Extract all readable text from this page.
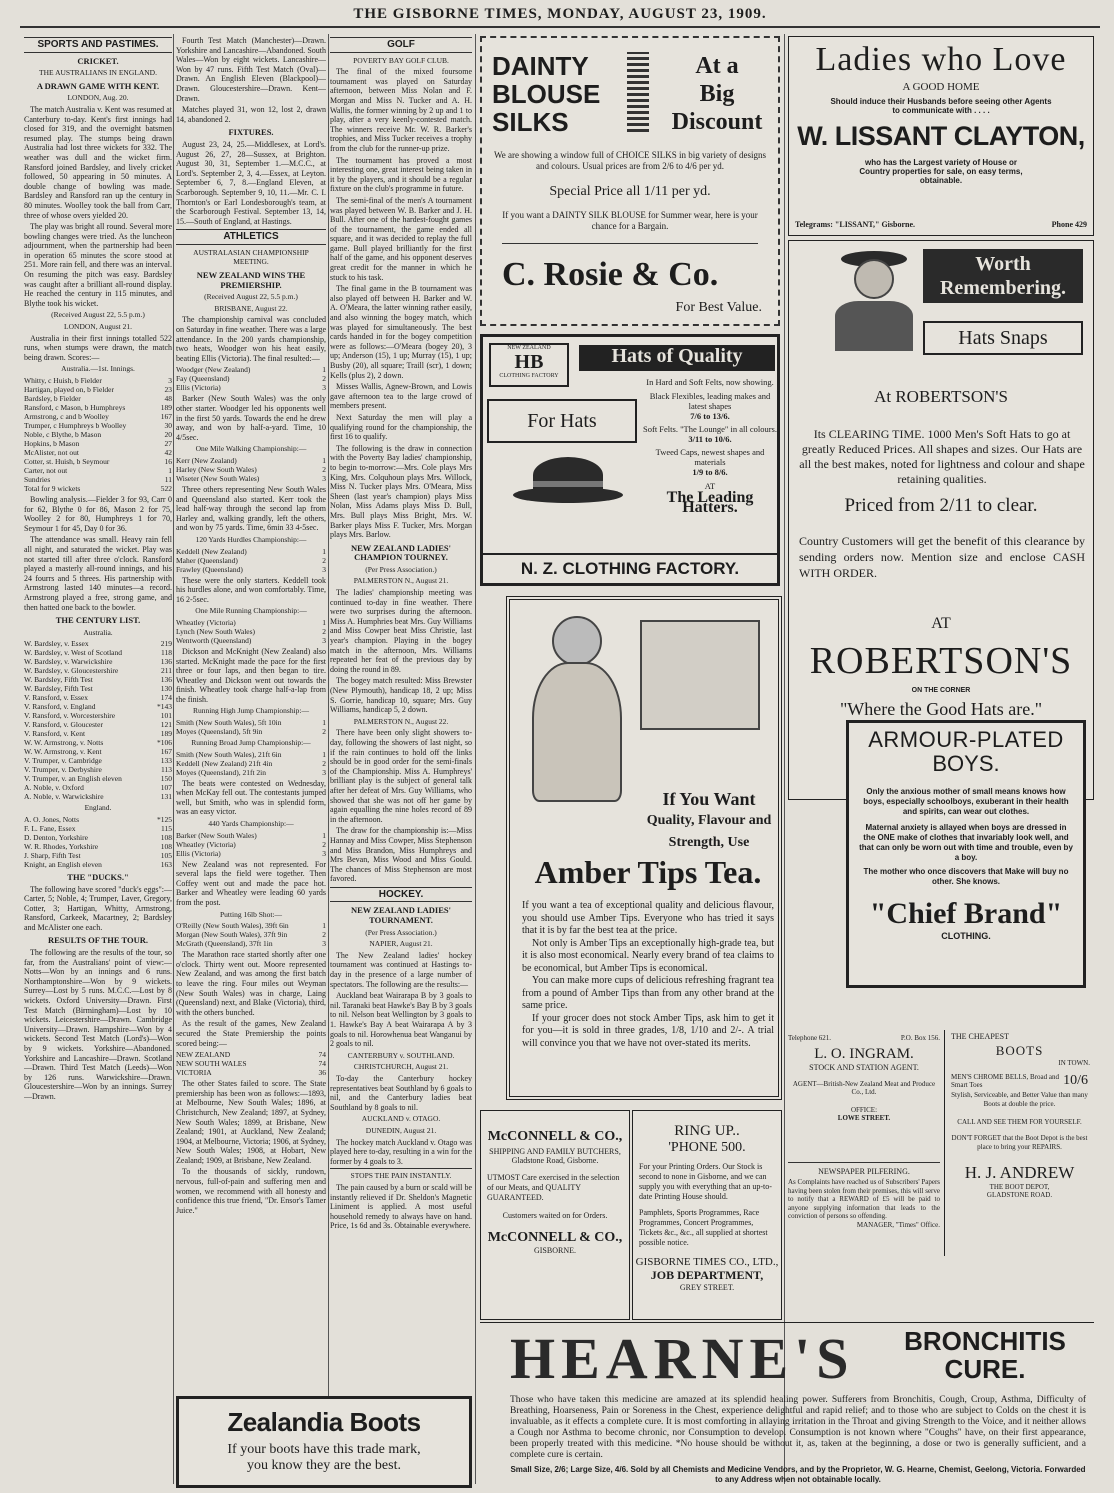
THE GISBORNE TIMES, MONDAY, AUGUST 23, 1909.
SPORTS AND PASTIMES.
CRICKET.
THE AUSTRALIANS IN ENGLAND.
A DRAWN GAME WITH KENT.
LONDON, Aug. 20.

The match Australia v. Kent was resumed at Canterbury to-day. Kent's first innings had closed for 319, and the overnight batsmen resumed play. The stumps being drawn Australia had lost three wickets for 332. The weather was dull and the wicket firm. Ransford joined Bardsley, and lively cricket followed, 50 appearing in 50 minutes. A double change of bowling was made. Bardsley and Ransford ran up the century in 80 minutes. Woolley took the ball from Carr, three of whose overs yielded 20.

The play was bright all round. Several more bowling changes were tried. As the luncheon adjournment, when the partnership had been in operation 65 minutes the score stood at 251. More rain fell, and there was an interval. On resuming the pitch was easy. Bardsley was caught after a brilliant all-round display. He reached the century in 115 minutes, and Blythe took his wicket.

(Received August 22, 5.5 p.m.)
LONDON, August 21.

Australia in their first innings totalled 522 runs, when stumps were drawn, the match being drawn. Scores:—

Australia.—1st. Innings.
Whitty, c Huish, b Fielder	3
Hartigan, played on, b Fielder	23
Bardsley, b Fielder	48
Ransford, c Mason, b Humphreys	189
Armstrong, c and b Woolley	167
Trumper, c Humphreys b Woolley	30
Noble, c Blythe, b Mason	20
Hopkins, b Mason	27
McAlister, not out	42
Cotter, st. Huish, b Seymour	16
Carter, not out	1
Sundries	11
Total for 9 wickets	522

Bowling analysis.—Fielder 3 for 93, Carr 0 for 62, Blythe 0 for 86, Mason 2 for 75, Woolley 2 for 80, Humphreys 1 for 70, Seymour 1 for 45, Day 0 for 36.

The attendance was small. Heavy rain fell all night, and saturated the wicket. Play was not started till after three o'clock. Ransford played a masterly all-round innings, and his 24 fourrs and 5 threes. His partnership with Armstrong lasted 140 minutes—a record. Armstrong played a free, strong game, and then hatted one back to the bowler.

THE CENTURY LIST.
Australia.
W. Bardsley, v. Essex	219
W. Bardsley, v. West of Scotland	118
W. Bardsley, v. Warwickshire	136
W. Bardsley, v. Gloucestershire	211
W. Bardsley, Fifth Test	136
W. Bardsley, Fifth Test	130
V. Ransford, v. Essex	174
V. Ransford, v. England	*143
V. Ransford, v. Worcestershire	101
V. Ransford, v. Gloucester	121
V. Ransford, v. Kent	189
W. W. Armstrong, v. Notts	*106
W. W. Armstrong, v. Kent	167
V. Trumper, v. Cambridge	133
V. Trumper, v. Derbyshire	113
V. Trumper, v. an English eleven	150
A. Noble, v. Oxford	107
A. Noble, v. Warwickshire	131
England.
A. O. Jones, Notts	*125
F. L. Fane, Essex	115
D. Denton, Yorkshire	108
W. R. Rhodes, Yorkshire	108
J. Sharp, Fifth Test	105
Knight, an English eleven	163
THE "DUCKS."

The following have scored "duck's eggs":—Carter, 5; Noble, 4; Trumper, Laver, Gregory, Cotter, 3; Hartigan, Whitty, Armstrong, Ransford, Carkeek, Macartney, 2; Bardsley and McAlister one each.

RESULTS OF THE TOUR.

The following are the results of the tour, so far, from the Australians' point of view:— Notts—Won by an innings and 6 runs. Northamptonshire—Won by 9 wickets. Surrey—Lost by 5 runs. M.C.C.—Lost by 8 wickets. Oxford University—Drawn. First Test Match (Birmingham)—Lost by 10 wickets. Leicestershire—Drawn. Cambridge University—Drawn. Hampshire—Won by 4 wickets. Second Test Match (Lord's)—Won by 9 wickets. Yorkshire—Abandoned. Yorkshire and Lancashire—Drawn. Scotland—Drawn. Third Test Match (Leeds)—Won by 126 runs. Warwickshire—Drawn. Gloucestershire—Won by an innings. Surrey—Drawn.

Fourth Test Match (Manchester)—Drawn. Yorkshire and Lancashire—Abandoned. South Wales—Won by eight wickets. Lancashire—Won by 47 runs. Fifth Test Match (Oval)—Drawn. An English Eleven (Blackpool)—Drawn. Gloucestershire—Drawn. Kent—Drawn.

Matches played 31, won 12, lost 2, drawn 14, abandoned 2.

FIXTURES.

August 23, 24, 25.—Middlesex, at Lord's. August 26, 27, 28—Sussex, at Brighton. August 30, 31, September 1.—M.C.C., at Lord's. September 2, 3, 4.—Essex, at Leyton. September 6, 7, 8.—England Eleven, at Scarborough. September 9, 10, 11.—Mr. C. I. Thornton's or Earl Londesborough's team, at the Scarborough Festival. September 13, 14, 15.—South of England, at Hastings.

ATHLETICS
AUSTRALASIAN CHAMPIONSHIP MEETING.
NEW ZEALAND WINS THE PREMIERSHIP.
(Received August 22, 5.5 p.m.)
BRISBANE, August 22.

The championship carnival was concluded on Saturday in fine weather. There was a large attendance. In the 200 yards championship, two heats, Woodger won his heat easily, beating Ellis (Victoria). The final resulted:—

Woodger (New Zealand)	1
Fay (Queensland)	2
Ellis (Victoria)	3

Barker (New South Wales) was the only other starter. Woodger led his opponents well in the first 50 yards. Towards the end he drew away, and won by half-a-yard. Time, 10 4/5sec.

One Mile Walking Championship:—
Kerr (New Zealand)	1
Harley (New South Wales)	2
Wiseter (New South Wales)	3

Three others representing New South Wales and Queensland also started. Kerr took the lead half-way through the second lap from Harley and, walking grandly, left the others, and won by 75 yards. Time, 6min 33 4-5sec.

120 Yards Hurdles Championship:—
Keddell (New Zealand)	1
Maher (Queensland)	2
Frawley (Queensland)	3

These were the only starters. Keddell took his hurdles alone, and won comfortably. Time, 16 2-5sec.

One Mile Running Championship:—
Wheatley (Victoria)	1
Lynch (New South Wales)	2
Wentworth (Queensland)	3

Dickson and McKnight (New Zealand) also started. McKnight made the pace for the first three or four laps, and then began to tire. Wheatley and Dickson went out towards the finish. Wheatley took charge half-a-lap from the finish.

Running High Jump Championship:—
Smith (New South Wales), 5ft 10in	1
Moyes (Queensland), 5ft 9in	2
Running Broad Jump Championship:—
Smith (New South Wales), 21ft 6in	1
Keddell (New Zealand) 21ft 4in	2
Moyes (Queensland), 21ft 2in	3

The beats were contested on Wednesday, when McKay fell out. The contestants jumped well, but Smith, who was in splendid form, was an easy victor.

440 Yards Championship:—
Barker (New South Wales)	1
Wheatley (Victoria)	2
Ellis (Victoria)	3

New Zealand was not represented. For several laps the field were together. Then Coffey went out and made the pace hot. Barker and Wheatley were leading 60 yards from the post.

Putting 16lb Shot:—
O'Reilly (New South Wales), 39ft 6in	1
Morgan (New South Wales), 37ft 9in	2
McGrath (Queensland), 37ft 1in	3

The Marathon race started shortly after one o'clock. Thirty went out. Moore represented New Zealand, and was among the first batch to leave the ring. Four miles out Weyman (New South Wales) was in charge, Laing (Queensland) next, and Blake (Victoria), third, with the others bunched.

As the result of the games, New Zealand secured the State Premiership the points scored being:—

NEW ZEALAND	74
NEW SOUTH WALES	74
VICTORIA	36

The other States failed to score. The State premiership has been won as follows:—1893, at Melbourne, New South Wales; 1896, at Christchurch, New Zealand; 1897, at Sydney, New South Wales; 1899, at Brisbane, New Zealand; 1901, at Auckland, New Zealand; 1904, at Melbourne, Victoria; 1906, at Sydney, New South Wales; 1908, at Hobart, New Zealand; 1909, at Brisbane, New Zealand.

To the thousands of sickly, rundown, nervous, full-of-pain and suffering men and women, we recommend with all honesty and confidence this true friend, "Dr. Ensor's Tamer Juice."

GOLF
POVERTY BAY GOLF CLUB.

The final of the mixed foursome tournament was played on Saturday afternoon, between Miss Nolan and F. Morgan and Miss N. Tucker and A. H. Wallis, the former winning by 2 up and 1 to play, after a very keenly-contested match. The winners receive Mr. W. R. Barker's trophies, and Miss Tucker receives a trophy from the club for the runner-up prize.

The tournament has proved a most interesting one, great interest being taken in it by the players, and it should be a regular fixture on the club's programme in future.

The semi-final of the men's A tournament was played between W. B. Barker and J. H. Bull. After one of the hardest-fought games of the tournament, the game ended all square, and it was decided to replay the full game. Bull played brilliantly for the first half of the game, and his opponent deserves great credit for the manner in which he stuck to his task.

The final game in the B tournament was also played off between H. Barker and W. A. O'Meara, the latter winning rather easily, and also winning the bogey match, which was played for simultaneously. The best cards handed in for the bogey competition were as follows:—O'Meara (bogey 20), 3 up; Anderson (15), 1 up; Murray (15), 1 up; Busby (20), all square; Traill (scr), 1 down; Kells (plus 2), 2 down.

Misses Wallis, Agnew-Brown, and Lowis gave afternoon tea to the large crowd of members present.

Next Saturday the men will play a qualifying round for the championship, the first 16 to qualify.

The following is the draw in connection with the Poverty Bay ladies' championship, to begin to-morrow:—Mrs. Cole plays Mrs King, Mrs. Colquhoun plays Mrs. Willock, Miss N. Tucker plays Mrs. O'Meara, Miss Sheen (last year's champion) plays Miss Nolan, Miss Adams plays Miss D. Bull, Mrs. Bull plays Miss Bright, Mrs. W. Barker plays Miss F. Tucker, Mrs. Morgan plays Mrs. Barlow.

NEW ZEALAND LADIES' CHAMPION TOURNEY.
(Per Press Association.)
PALMERSTON N., August 21.

The ladies' championship meeting was continued to-day in fine weather. There were two surprises during the afternoon. Miss A. Humphries beat Mrs. Guy Williams and Miss Cowper beat Miss Christie, last year's champion. Playing in the bogey match in the afternoon, Mrs. Williams repeated her feat of the previous day by doing the round in 89.

The bogey match resulted: Miss Brewster (New Plymouth), handicap 18, 2 up; Miss S. Gorrie, handicap 10, square; Mrs. Guy Williams, handicap 5, 2 down.

PALMERSTON N., August 22.

There have been only slight showers to-day, following the showers of last night, so if the rain continues to hold off the links should be in good order for the semi-finals of the Championship. Miss A. Humphreys' brilliant play is the subject of general talk after her defeat of Mrs. Guy Williams, who showed that she was not off her game by again equalling the nine holes record of 89 in the afternoon.

The draw for the championship is:—Miss Hannay and Miss Cowper, Miss Stephenson and Miss Brandon, Miss Humphreys and Mrs Bevan, Miss Wood and Miss Gould. The chances of Miss Stephenson are most favored.

HOCKEY.
NEW ZEALAND LADIES' TOURNAMENT.
(Per Press Association.)
NAPIER, August 21.

The New Zealand ladies' hockey tournament was continued at Hastings to-day in the presence of a large number of spectators. The following are the results:—

Auckland beat Wairarapa B by 3 goals to nil. Taranaki beat Hawke's Bay B by 3 goals to nil. Nelson beat Wellington by 3 goals to 1. Hawke's Bay A beat Wairarapa A by 3 goals to nil. Horowhenua beat Wanganui by 2 goals to nil.

CANTERBURY v. SOUTHLAND.
CHRISTCHURCH, August 21.

To-day the Canterbury hockey representatives beat Southland by 6 goals to nil, and the Canterbury ladies beat Southland by 8 goals to nil.

AUCKLAND v. OTAGO.
DUNEDIN, August 21.

The hockey match Auckland v. Otago was played here to-day, resulting in a win for the former by 4 goals to 3.

STOPS THE PAIN INSTANTLY.

The pain caused by a burn or scald will be instantly relieved if Dr. Sheldon's Magnetic Liniment is applied. A most useful household remedy to always have on hand. Price, 1s 6d and 3s. Obtainable everywhere.

Zealandia Boots
If your boots have this trade mark,
you know they are the best.
DAINTY
BLOUSE
SILKS
At a
Big
Discount
We are showing a window full of CHOICE SILKS in big variety of designs and colours. Usual prices are from 2/6 to 4/6 per yd.
Special Price all 1/11 per yd.
If you want a DAINTY SILK BLOUSE for Summer wear, here is your chance for a Bargain.
C. Rosie & Co.
For Best Value.
NEW ZEALAND
HB
CLOTHING FACTORY
Hats of Quality
For Hats
In Hard and Soft Felts, now showing.
Black Flexibles, leading makes and latest shapes
7/6 to 13/6.
Soft Felts. "The Lounge" in all colours.
3/11 to 10/6.
Tweed Caps, newest shapes and materials
1/9 to 8/6.
AT
The Leading Hatters.
N. Z. CLOTHING FACTORY.
If You Want
Quality, Flavour and
Strength, Use
Amber Tips Tea.

If you want a tea of exceptional quality and delicious flavour, you should use Amber Tips. Everyone who has tried it says that it is by far the best tea at the price.

Not only is Amber Tips an exceptionally high-grade tea, but it is also most economical. Nearly every brand of tea claims to be economical, but Amber Tips is economical.

You can make more cups of delicious refreshing fragrant tea from a pound of Amber Tips than from any other brand at the same price.

If your grocer does not stock Amber Tips, ask him to get it for you—it is sold in three grades, 1/8, 1/10 and 2/-. A trial will convince you that we have not over-stated its merits.

McCONNELL & CO.,
SHIPPING AND FAMILY BUTCHERS,
Gladstone Road, Gisborne.
UTMOST Care exercised in the selection of our Meats, and QUALITY GUARANTEED.
Customers waited on for Orders.
McCONNELL & CO.,
GISBORNE.
RING UP..
'PHONE 500.
For your Printing Orders. Our Stock is second to none in Gisborne, and we can supply you with everything that an up-to-date Printing House should.
Pamphlets, Sports Programmes, Race Programmes, Concert Programmes, Tickets &c., &c., all supplied at shortest possible notice.
GISBORNE TIMES CO., LTD.,
JOB DEPARTMENT,
GREY STREET.
Ladies who Love
A GOOD HOME
Should induce their Husbands before seeing other Agents to communicate with . . . .
W. LISSANT CLAYTON,
who has the Largest variety of House or Country properties for sale, on easy terms, obtainable.
Telegrams: "LISSANT," Gisborne.	Phone 429
Worth
Remembering.
Hats Snaps
At ROBERTSON'S
Its CLEARING TIME. 1000 Men's Soft Hats to go at greatly Reduced Prices. All shapes and sizes. Our Hats are all the best makes, noted for lightness and colour and shape retaining qualities.
Priced from 2/11 to clear.
Country Customers will get the benefit of this clearance by sending orders now. Mention size and enclose CASH WITH ORDER.
AT
ROBERTSON'S
ON THE CORNER
"Where the Good Hats are."
ARMOUR-PLATED
BOYS.

Only the anxious mother of small means knows how boys, especially schoolboys, exuberant in their health and spirits, can wear out clothes.

Maternal anxiety is allayed when boys are dressed in the ONE make of clothes that invariably look well, and that can only be worn out with time and trouble, even by a boy.

The mother who once discovers that Make will buy no other. She knows.

"Chief Brand"
CLOTHING.
Telephone 621.	P.O. Box 156.
L. O. INGRAM.
STOCK AND STATION AGENT.
AGENT—British-New Zealand Meat and Produce Co., Ltd.
OFFICE:
LOWE STREET.
NEWSPAPER PILFERING.
As Complaints have reached us of Subscribers' Papers having been stolen from their premises, this will serve to notify that a REWARD of £5 will be paid to anyone supplying information that leads to the conviction of persons so offending.
MANAGER, "Times" Office.
THE CHEAPEST
BOOTS
IN TOWN.
MEN'S CHROME BELLS, Broad and Smart Toes	10/6
Stylish, Serviceable, and Better Value than many Boots at double the price.
CALL AND SEE THEM FOR YOURSELF.
DON'T FORGET that the Boot Depot is the best place to bring your REPAIRS.
H. J. ANDREW
THE BOOT DEPOT,
GLADSTONE ROAD.
HEARNE'S	BRONCHITIS
CURE.
Those who have taken this medicine are amazed at its splendid healing power. Sufferers from Bronchitis, Cough, Croup, Asthma, Difficulty of Breathing, Hoarseness, Pain or Soreness in the Chest, experience delightful and rapid relief; and to those who are subject to Colds on the chest it is invaluable, as it effects a complete cure. It is most comforting in allaying irritation in the Throat and giving Strength to the Voice, and it neither allows a Cough nor Asthma to become chronic, nor Consumption to develop. Consumption is not known where "Coughs" have, on their first appearance, been properly treated with this medicine. *No house should be without it, as, taken at the beginning, a dose or two is generally sufficient, and a complete cure is certain.
Small Size, 2/6; Large Size, 4/6. Sold by all Chemists and Medicine Vendors, and by the Proprietor, W. G. Hearne, Chemist, Geelong, Victoria. Forwarded to any Address when not obtainable locally.
